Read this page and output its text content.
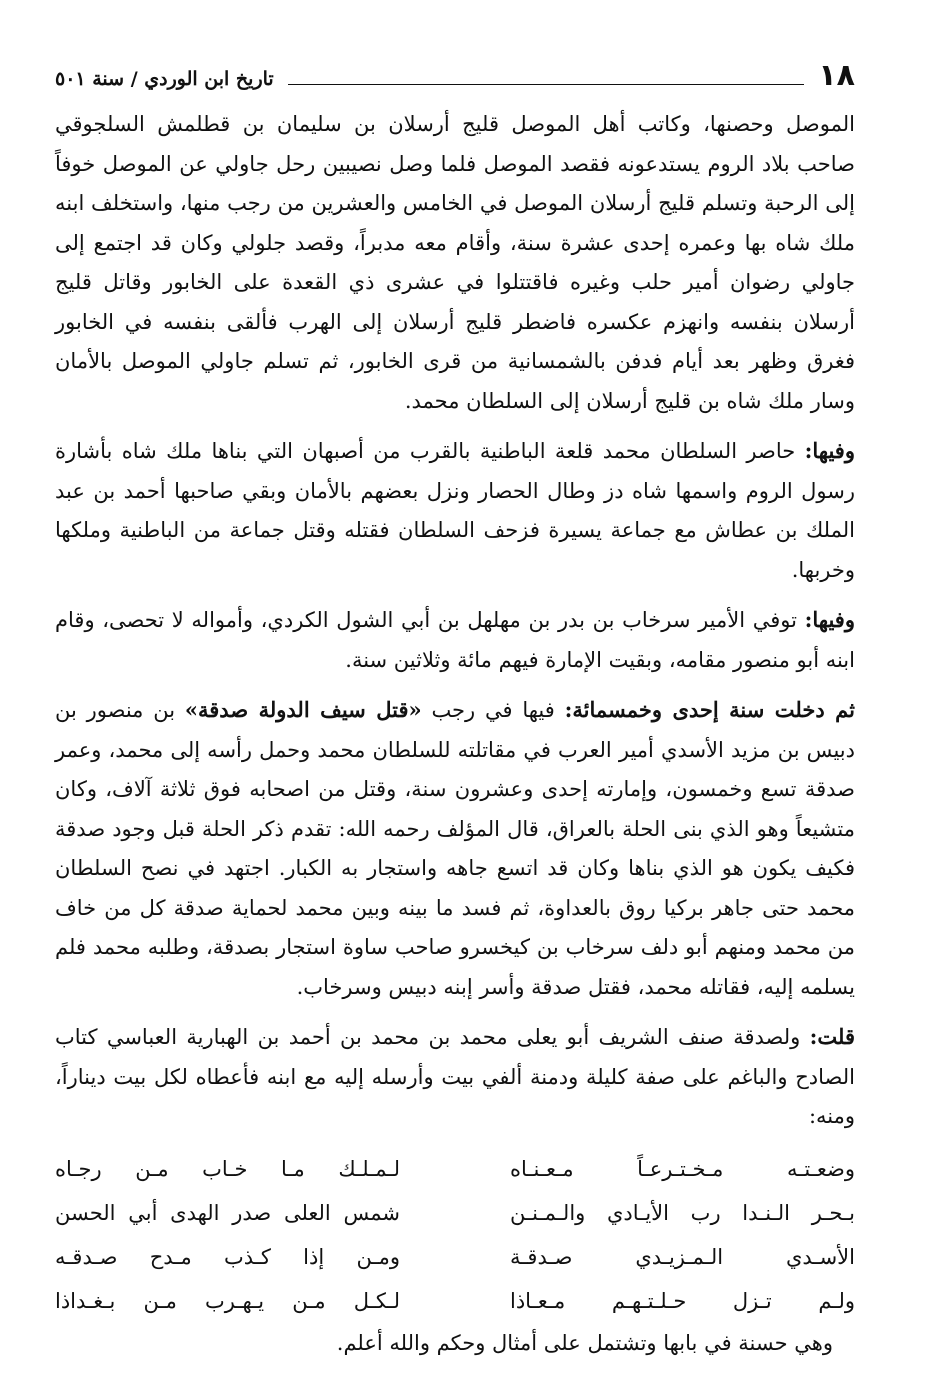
١٨
تاريخ ابن الوردي / سنة ٥٠١

الموصل وحصنها، وكاتب أهل الموصل قليج أرسلان بن سليمان بن قطلمش السلجوقي صاحب بلاد الروم يستدعونه فقصد الموصل فلما وصل نصيبين رحل جاولي عن الموصل خوفاً إلى الرحبة وتسلم قليج أرسلان الموصل في الخامس والعشرين من رجب منها، واستخلف ابنه ملك شاه بها وعمره إحدى عشرة سنة، وأقام معه مدبراً، وقصد جلولي وكان قد اجتمع إلى جاولي رضوان أمير حلب وغيره فاقتتلوا في عشرى ذي القعدة على الخابور وقاتل قليج أرسلان بنفسه وانهزم عكسره فاضطر قليج أرسلان إلى الهرب فألقى بنفسه في الخابور فغرق وظهر بعد أيام فدفن بالشمسانية من قرى الخابور، ثم تسلم جاولي الموصل بالأمان وسار ملك شاه بن قليج أرسلان إلى السلطان محمد.

وفيها: حاصر السلطان محمد قلعة الباطنية بالقرب من أصبهان التي بناها ملك شاه بأشارة رسول الروم واسمها شاه دز وطال الحصار ونزل بعضهم بالأمان وبقي صاحبها أحمد بن عبد الملك بن عطاش مع جماعة يسيرة فزحف السلطان فقتله وقتل جماعة من الباطنية وملكها وخربها.

وفيها: توفي الأمير سرخاب بن بدر بن مهلهل بن أبي الشول الكردي، وأمواله لا تحصى، وقام ابنه أبو منصور مقامه، وبقيت الإمارة فيهم مائة وثلاثين سنة.

ثم دخلت سنة إحدى وخمسمائة: فيها في رجب «قتل سيف الدولة صدقة» بن منصور بن دبيس بن مزيد الأسدي أمير العرب في مقاتلته للسلطان محمد وحمل رأسه إلى محمد، وعمر صدقة تسع وخمسون، وإمارته إحدى وعشرون سنة، وقتل من اصحابه فوق ثلاثة آلاف، وكان متشيعاً وهو الذي بنى الحلة بالعراق، قال المؤلف رحمه الله: تقدم ذكر الحلة قبل وجود صدقة فكيف يكون هو الذي بناها وكان قد اتسع جاهه واستجار به الكبار. اجتهد في نصح السلطان محمد حتى جاهر بركيا روق بالعداوة، ثم فسد ما بينه وبين محمد لحماية صدقة كل من خاف من محمد ومنهم أبو دلف سرخاب بن كيخسرو صاحب ساوة استجار بصدقة، وطلبه محمد فلم يسلمه إليه، فقاتله محمد، فقتل صدقة وأسر إبنه دبيس وسرخاب.

قلت: ولصدقة صنف الشريف أبو يعلى محمد بن محمد بن أحمد بن الهبارية العباسي كتاب الصادح والباغم على صفة كليلة ودمنة ألفي بيت وأرسله إليه مع ابنه فأعطاه لكل بيت ديناراً، ومنه:

وضعـتـه مـخـتـرعـاً مـعـنـاه
لـمـلـك مـا خـاب مـن رجـاه
بـحـر الـنـدا رب الأيـادي والـمـنـن
شمس العلى صدر الهدى أبي الحسن
الأسـدي الـمـزيـدي صـدقـة
ومـن إذا كـذب مـدح صـدقـه
ولـم تـزل حـلـتـهـم مـعـاذا
لـكـل مـن يـهـرب مـن بـغـداذا

وهي حسنة في بابها وتشتمل على أمثال وحكم والله أعلم.
